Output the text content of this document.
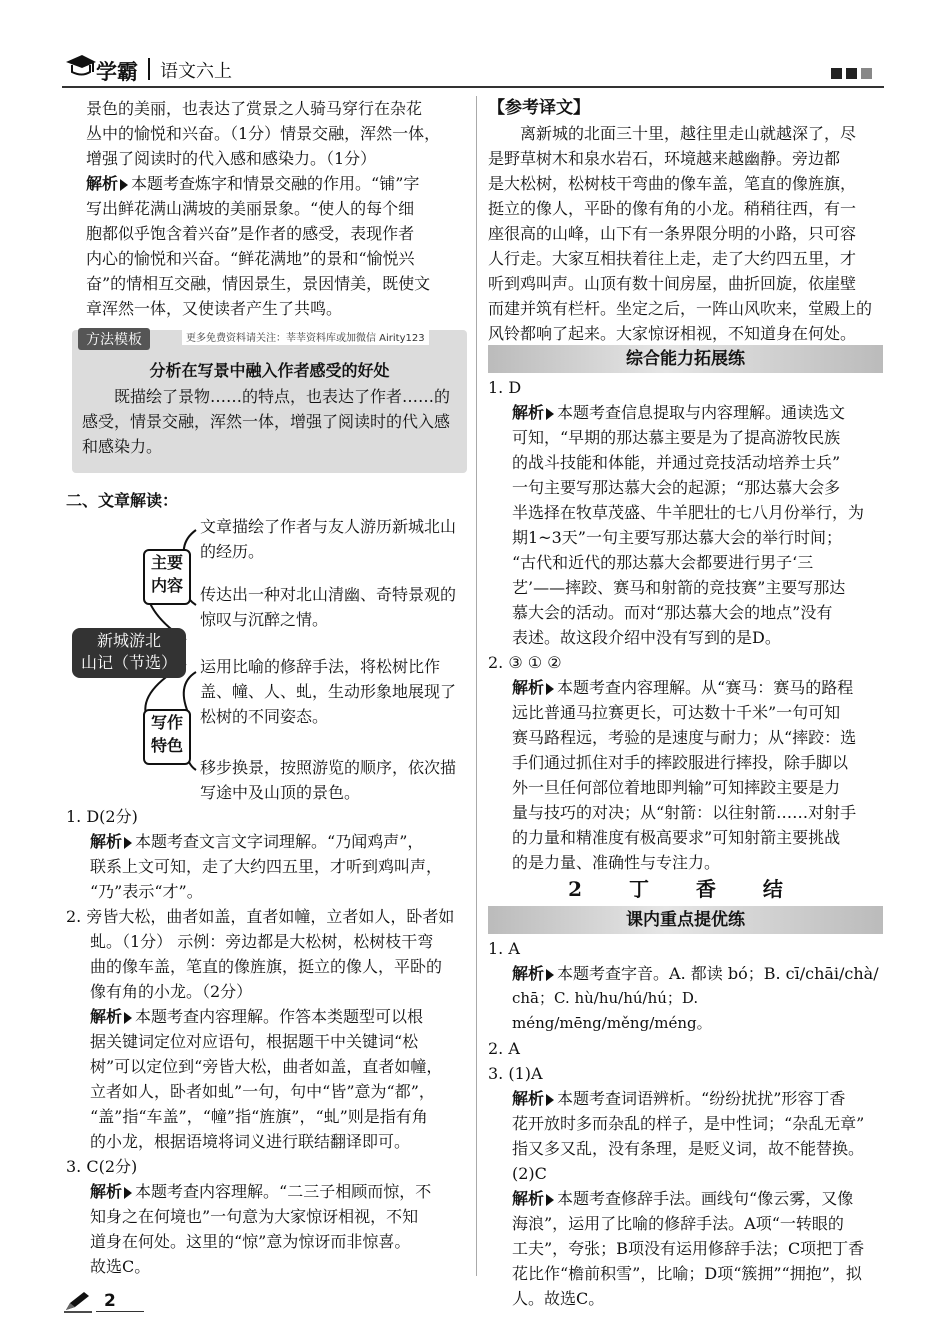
学霸 语文六上

景色的美丽，也表达了赏景之人骑马穿行在杂花

丛中的愉悦和兴奋。（1分）情景交融，浑然一体，

增强了阅读时的代入感和感染力。（1分）

解析 本题考查炼字和情景交融的作用。“铺”字

写出鲜花满山满坡的美丽景象。“使人的每个细

胞都似乎饱含着兴奋”是作者的感受，表现作者

内心的愉悦和兴奋。“鲜花满地”的景和“愉悦兴

奋”的情相互交融，情因景生，景因情美，既使文

章浑然一体，又使读者产生了共鸣。

方法模板	更多免费资料请关注：莘莘资料库或加微信 Airity123
分析在写景中融入作者感受的好处
既描绘了景物……的特点，也表达了作者……的感受，情景交融，浑然一体，增强了阅读时的代入感和感染力。
二、文章解读：
新城游北
山记（节选）
主要
内容
写作
特色
文章描绘了作者与友人游历新城北山的经历。
传达出一种对北山清幽、奇特景观的惊叹与沉醉之情。
运用比喻的修辞手法，将松树比作盖、幢、人、虬，生动形象地展现了松树的不同姿态。
移步换景，按照游览的顺序，依次描写途中及山顶的景色。

1. D(2分)

解析 本题考查文言文字词理解。“乃闻鸡声”，

联系上文可知，走了大约四五里，才听到鸡叫声，

“乃”表示“才”。

2. 旁皆大松，曲者如盖，直者如幢，立者如人，卧者如

虬。（1分） 示例：旁边都是大松树，松树枝干弯

曲的像车盖，笔直的像旌旗，挺立的像人，平卧的

像有角的小龙。（2分）

解析 本题考查内容理解。作答本类题型可以根

据关键词定位对应语句，根据题干中关键词“松

树”可以定位到“旁皆大松，曲者如盖，直者如幢，

立者如人，卧者如虬”一句，句中“皆”意为“都”，

“盖”指“车盖”，“幢”指“旌旗”，“虬”则是指有角

的小龙，根据语境将词义进行联结翻译即可。

3. C(2分)

解析 本题考查内容理解。“二三子相顾而惊，不

知身之在何境也”一句意为大家惊讶相视，不知

道身在何处。这里的“惊”意为惊讶而非惊喜。

故选C。

【参考译文】

离新城的北面三十里，越往里走山就越深了，尽

是野草树木和泉水岩石，环境越来越幽静。旁边都

是大松树，松树枝干弯曲的像车盖，笔直的像旌旗，

挺立的像人，平卧的像有角的小龙。稍稍往西，有一

座很高的山峰，山下有一条界限分明的小路，只可容

人行走。大家互相扶着往上走，走了大约四五里，才

听到鸡叫声。山顶有数十间房屋，曲折回旋，依崖壁

而建并筑有栏杆。坐定之后，一阵山风吹来，堂殿上的

风铃都响了起来。大家惊讶相视，不知道身在何处。

综合能力拓展练

1. D

解析 本题考查信息提取与内容理解。通读选文

可知，“早期的那达慕主要是为了提高游牧民族

的战斗技能和体能，并通过竞技活动培养士兵”

一句主要写那达慕大会的起源；“那达慕大会多

半选择在牧草茂盛、牛羊肥壮的七八月份举行，为

期1~3天”一句主要写那达慕大会的举行时间；

“古代和近代的那达慕大会都要进行男子‘三

艺’——摔跤、赛马和射箭的竞技赛”主要写那达

慕大会的活动。而对“那达慕大会的地点”没有

表述。故这段介绍中没有写到的是D。

2. ③ ① ②

解析 本题考查内容理解。从“赛马：赛马的路程

远比普通马拉赛更长，可达数十千米”一句可知

赛马路程远，考验的是速度与耐力；从“摔跤：选

手们通过抓住对手的摔跤服进行摔投，除手脚以

外一旦任何部位着地即判输”可知摔跤主要是力

量与技巧的对决；从“射箭：以往射箭……对射手

的力量和精准度有极高要求”可知射箭主要挑战

的是力量、准确性与专注力。

2 丁 香 结
课内重点提优练

1. A

解析 本题考查字音。A. 都读 bó；B. cī/chāi/chà/

chā；C. hù/hu/hú/hú；D. méng/mēng/měng/méng。

2. A

3. (1)A

解析 本题考查词语辨析。“纷纷扰扰”形容丁香

花开放时多而杂乱的样子，是中性词；“杂乱无章”

指又多又乱，没有条理，是贬义词，故不能替换。

(2)C

解析 本题考查修辞手法。画线句“像云雾，又像

海浪”，运用了比喻的修辞手法。A项“一转眼的

工夫”，夸张；B项没有运用修辞手法；C项把丁香

花比作“檐前积雪”，比喻；D项“簇拥”“拥抱”，拟

人。故选C。

2
